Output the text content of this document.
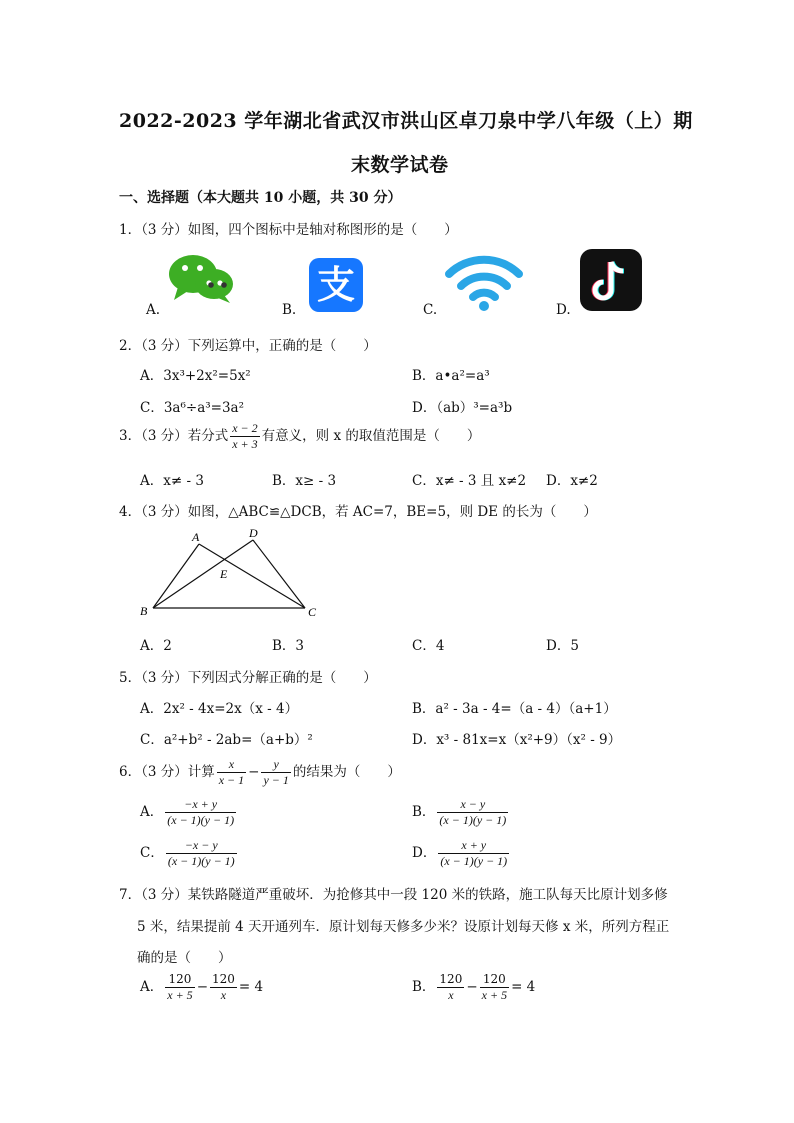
2022-2023 学年湖北省武汉市洪山区卓刀泉中学八年级（上）期
末数学试卷
一、选择题（本大题共 10 小题，共 30 分）
1．（3 分）如图，四个图标中是轴对称图形的是（　　）
A.	B.	C.	D.
支
2．（3 分）下列运算中，正确的是（　　）
A．3x³+2x²=5x²	B．a•a²=a³
C．3a⁶÷a³=3a²	D．（ab）³=a³b
3．（3 分）若分式 $\frac{x - 2}{x + 3}$ 有意义，则 x 的取值范围是（　　）
A．x≠ - 3	B．x≥ - 3	C．x≠ - 3 且 x≠2 D．x≠2
4．（3 分）如图，△ABC≌△DCB，若 AC=7，BE=5，则 DE 的长为（　　）
A	D
E
B	C
A．2	B．3	C．4	D．5
5．（3 分）下列因式分解正确的是（　　）
A．2x² - 4x=2x（x - 4）	B．a² - 3a - 4=（a - 4）（a+1）
C．a²+b² - 2ab=（a+b）²	D．x³ - 81x=x（x²+9）（x² - 9）
6．（3 分）计算 $\frac{x}{x - 1} - \frac{y}{y - 1}$ 的结果为（　　）
A． $\frac{-x + y}{(x - 1)(y - 1)}$	B． $\frac{x - y}{(x - 1)(y - 1)}$
C． $\frac{-x - y}{(x - 1)(y - 1)}$	D． $\frac{x + y}{(x - 1)(y - 1)}$
7．（3 分）某铁路隧道严重破坏．为抢修其中一段 120 米的铁路，施工队每天比原计划多修
5 米，结果提前 4 天开通列车．原计划每天修多少米？设原计划每天修 x 米，所列方程正
确的是（　　）
A． $\frac{120}{x + 5} - \frac{120}{x} = 4$	B． $\frac{120}{x} - \frac{120}{x + 5} = 4$
